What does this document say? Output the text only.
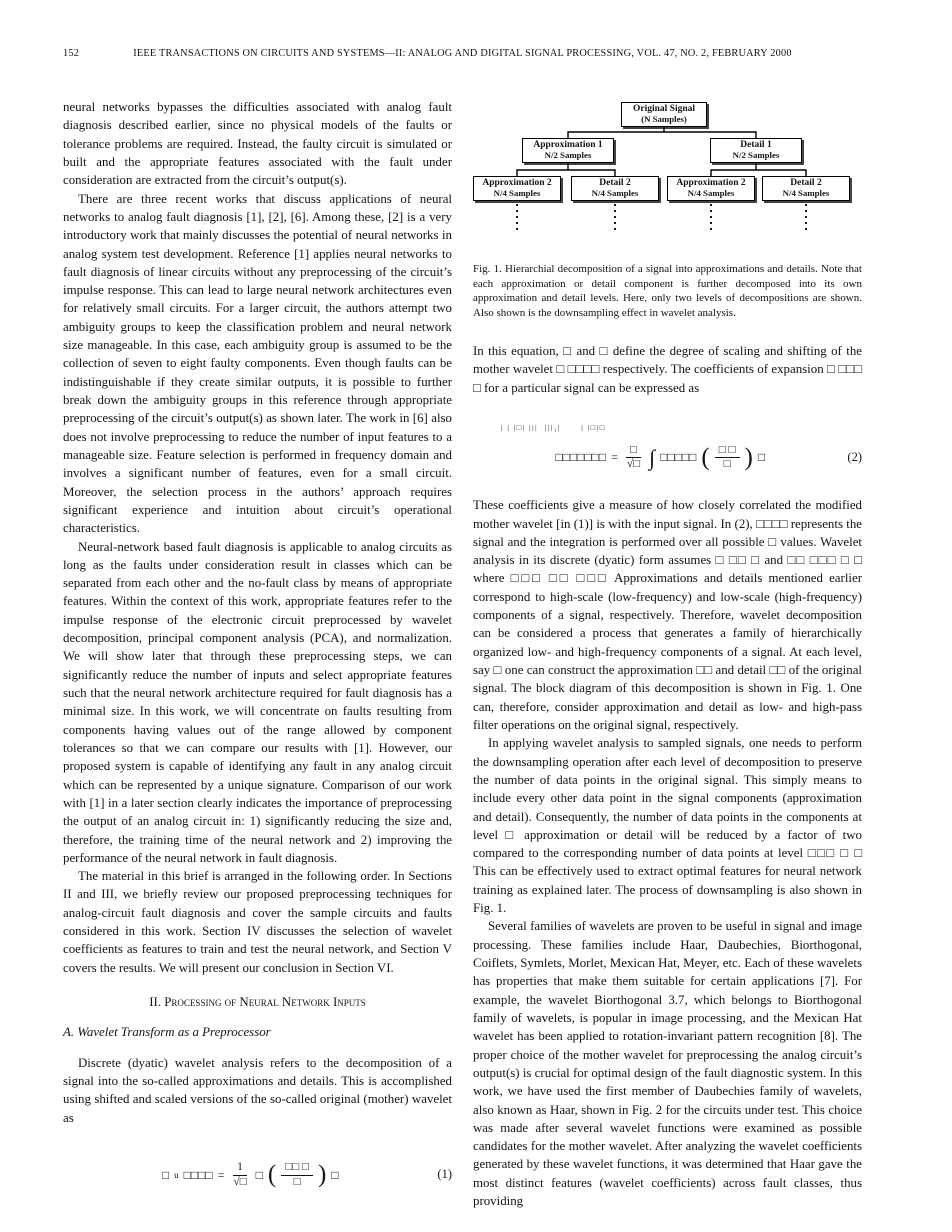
152	IEEE TRANSACTIONS ON CIRCUITS AND SYSTEMS—II: ANALOG AND DIGITAL SIGNAL PROCESSING, VOL. 47, NO. 2, FEBRUARY 2000

neural networks bypasses the difficulties associated with analog fault diagnosis described earlier, since no physical models of the faults or tolerance problems are required. Instead, the faulty circuit is simulated or built and the appropriate features associated with the fault under consideration are extracted from the circuit’s output(s).

There are three recent works that discuss applications of neural networks to analog fault diagnosis [1], [2], [6]. Among these, [2] is a very introductory work that mainly discusses the potential of neural networks in analog system test development. Reference [1] applies neural networks to fault diagnosis of linear circuits without any preprocessing of the circuit’s impulse response. This can lead to large neural network architectures even for relatively small circuits. For a larger circuit, the authors attempt two ambiguity groups to keep the classification problem and neural network size manageable. In this case, each ambiguity group is assumed to be the collection of seven to eight faulty components. Even though faults can be indistinguishable if they create similar outputs, it is possible to further break down the ambiguity groups in this reference through appropriate preprocessing of the circuit’s output(s) as shown later. The work in [6] also does not involve preprocessing to reduce the number of input features to a manageable size. Feature selection is performed in frequency domain and involves a significant number of features, even for a small circuit. Moreover, the selection process in the authors’ approach requires significant experience and intuition about circuit’s operational characteristics.

Neural-network based fault diagnosis is applicable to analog circuits as long as the faults under consideration result in classes which can be separated from each other and the no-fault class by means of appropriate features. Within the context of this work, appropriate features refer to the impulse response of the electronic circuit preprocessed by wavelet decomposition, principal component analysis (PCA), and normalization. We will show later that through these preprocessing steps, we can significantly reduce the number of inputs and select appropriate features such that the neural network architecture required for fault diagnosis has a minimal size. In this work, we will concentrate on faults resulting from components having values out of the range allowed by component tolerances so that we can compare our results with [1]. However, our proposed system is capable of identifying any fault in any analog circuit which can be represented by a unique signature. Comparison of our work with [1] in a later section clearly indicates the importance of preprocessing the output of an analog circuit in: 1) significantly reducing the size and, therefore, the training time of the neural network and 2) improving the performance of the neural network in fault diagnosis.

The material in this brief is arranged in the following order. In Sections II and III, we briefly review our proposed preprocessing techniques for analog-circuit fault diagnosis and cover the sample circuits and faults considered in this work. Section IV discusses the selection of wavelet coefficients as features to train and test the neural network, and Section V covers the results. We will present our conclusion in Section VI.

II. Processing of Neural Network Inputs
A. Wavelet Transform as a Preprocessor

Discrete (dyatic) wavelet analysis refers to the decomposition of a signal into the so-called approximations and details. This is accomplished using shifted and scaled versions of the so-called original (mother) wavelet as

□ u □□□□ = $\frac{1}{√□}$ □ ( $\frac{□□ □}{□}$ ) □	(1)
Original Signal
(N Samples)
Approximation 1
N/2 Samples
Detail 1
N/2 Samples
Approximation 2
N/4 Samples
Detail 2
N/4 Samples
Approximation 2
N/4 Samples
Detail 2
N/4 Samples
Fig. 1. Hierarchial decomposition of a signal into approximations and details. Note that each approximation or detail component is further decomposed into its own approximation and detail levels. Here, only two levels of decompositions are shown. Also shown is the downsampling effect in wavelet analysis.

In this equation, □ and □ define the degree of scaling and shifting of the mother wavelet □ □□□□ respectively. The coefficients of expansion □ □□□ □ for a particular signal can be expressed as

| | |□| |||  |||₁|      | |□|□
□□□□□□□ = $\frac{□}{√□}$ ∫ □□□□□ ( $\frac{□ □}{□}$ ) □	(2)

These coefficients give a measure of how closely correlated the modified mother wavelet [in (1)] is with the input signal. In (2), □□□□ represents the signal and the integration is performed over all possible □ values. Wavelet analysis in its discrete (dyatic) form assumes □ □□ □ and □□ □□□ □ □ where □□□ □□ □□□ Approximations and details mentioned earlier correspond to high-scale (low-frequency) and low-scale (high-frequency) components of a signal, respectively. Therefore, wavelet decomposition can be considered a process that generates a family of hierarchically organized low- and high-frequency components of a signal. At each level, say □ one can construct the approximation □□ and detail □□ of the original signal. The block diagram of this decomposition is shown in Fig. 1. One can, therefore, consider approximation and detail as low- and high-pass filter operations on the original signal, respectively.

In applying wavelet analysis to sampled signals, one needs to perform the downsampling operation after each level of decomposition to preserve the number of data points in the original signal. This simply means to include every other data point in the signal components (approximation and detail). Consequently, the number of data points in the components at level □ approximation or detail will be reduced by a factor of two compared to the corresponding number of data points at level □□□ □ □ This can be effectively used to extract optimal features for neural network training as explained later. The process of downsampling is also shown in Fig. 1.

Several families of wavelets are proven to be useful in signal and image processing. These families include Haar, Daubechies, Biorthogonal, Coiflets, Symlets, Morlet, Mexican Hat, Meyer, etc. Each of these wavelets has properties that make them suitable for certain applications [7]. For example, the wavelet Biorthogonal 3.7, which belongs to Biorthogonal family of wavelets, is popular in image processing, and the Mexican Hat wavelet has been applied to rotation-invariant pattern recognition [8]. The proper choice of the mother wavelet for preprocessing the analog circuit’s output(s) is crucial for optimal design of the fault diagnostic system. In this work, we have used the first member of Daubechies family of wavelets, also known as Haar, shown in Fig. 2 for the circuits under test. This choice was made after several wavelet functions were examined as possible candidates for the mother wavelet. After analyzing the wavelet coefficients generated by these wavelet functions, it was determined that Haar gave the most distinct features (wavelet coefficients) across fault classes, thus providing
